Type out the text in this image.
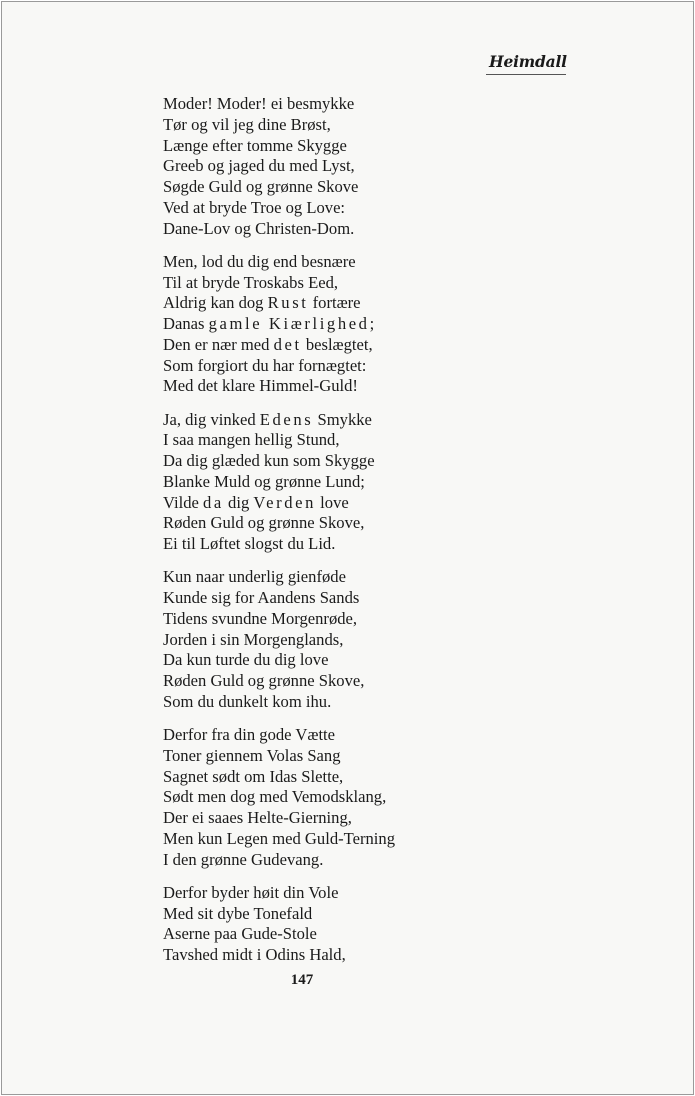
Heimdall
Moder! Moder! ei besmykke
Tør og vil jeg dine Brøst,
Længe efter tomme Skygge
Greeb og jaged du med Lyst,
Søgde Guld og grønne Skove
Ved at bryde Troe og Love:
Dane-Lov og Christen-Dom.
Men, lod du dig end besnære
Til at bryde Troskabs Eed,
Aldrig kan dog Rust fortære
Danas gamle Kiærlighed;
Den er nær med det beslægtet,
Som forgiort du har fornægtet:
Med det klare Himmel-Guld!
Ja, dig vinked Edens Smykke
I saa mangen hellig Stund,
Da dig glæded kun som Skygge
Blanke Muld og grønne Lund;
Vilde da dig Verden love
Røden Guld og grønne Skove,
Ei til Løftet slogst du Lid.
Kun naar underlig gienføde
Kunde sig for Aandens Sands
Tidens svundne Morgenrøde,
Jorden i sin Morgenglands,
Da kun turde du dig love
Røden Guld og grønne Skove,
Som du dunkelt kom ihu.
Derfor fra din gode Vætte
Toner giennem Volas Sang
Sagnet sødt om Idas Slette,
Sødt men dog med Vemodsklang,
Der ei saaes Helte-Gierning,
Men kun Legen med Guld-Terning
I den grønne Gudevang.
Derfor byder høit din Vole
Med sit dybe Tonefald
Aserne paa Gude-Stole
Tavshed midt i Odins Hald,
147
